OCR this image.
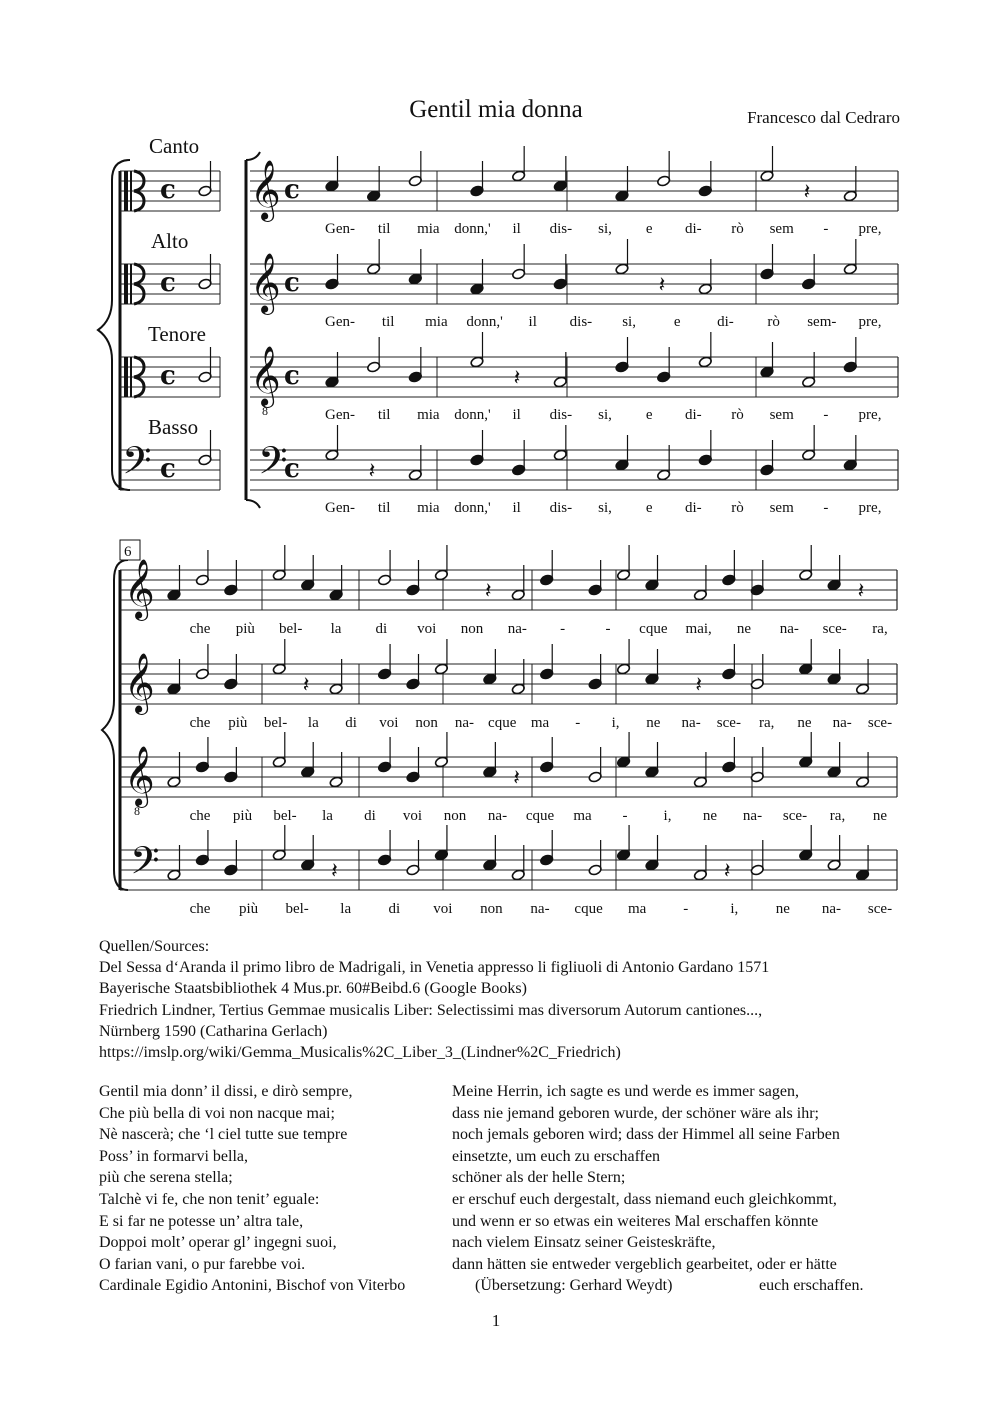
Gentil mia donna	Francesco dal Cedraro
Canto
Alto
Tenore
Basso
c 𝄞 c	𝄽
Gen- til mia donn,' il dis- si, e di- rò sem - pre,
c 𝄞 c	𝄽
Gen- til mia donn,' il dis- si,	e di- rò sem- pre,
c 𝄞 c
8
𝄽
Gen- til mia donn,' il dis- si, e di- rò sem - pre,
𝄢 c 𝄢
c	𝄽
Gen- til mia donn,' il dis- si, e di- rò sem - pre,
6
𝄞	𝄽	𝄽
che più bel- la di voi non na- -	- cque mai, ne na- sce- ra,
𝄞	𝄽	𝄽
che più bel- la di voi non na- cque ma - i, ne na- sce- ra, ne na- sce-
𝄞
8
𝄽
che più bel- la di voi non na- cque ma - i, ne na- sce- ra, ne
𝄢	𝄽	𝄽
che più bel- la di voi non na- cque ma -	i,	ne na- sce-
Quellen/Sources:
Del Sessa d‘Aranda il primo libro de Madrigali, in Venetia appresso li figliuoli di Antonio Gardano 1571
Bayerische Staatsbibliothek 4 Mus.pr. 60#Beibd.6 (Google Books)
Friedrich Lindner, Tertius Gemmae musicalis Liber: Selectissimi mas diversorum Autorum cantiones...,
Nürnberg 1590 (Catharina Gerlach)
https://imslp.org/wiki/Gemma_Musicalis%2C_Liber_3_(Lindner%2C_Friedrich)
Gentil mia donn’ il dissi, e dirò sempre,	Meine Herrin, ich sagte es und werde es immer sagen,
Che più bella di voi non nacque mai;	dass nie jemand geboren wurde, der schöner wäre als ihr;
Nè nascerà; che ‘l ciel tutte sue tempre	noch jemals geboren wird; dass der Himmel all seine Farben
Poss’ in formarvi bella,	einsetzte, um euch zu erschaffen
più che serena stella;	schöner als der helle Stern;
Talchè vi fe, che non tenit’ eguale:	er erschuf euch dergestalt, dass niemand euch gleichkommt,
E si far ne potesse un’ altra tale,	und wenn er so etwas ein weiteres Mal erschaffen könnte
Doppoi molt’ operar gl’ ingegni suoi,	nach vielem Einsatz seiner Geisteskräfte,
O farian vani, o pur farebbe voi.	dann hätten sie entweder vergeblich gearbeitet, oder er hätte
Cardinale Egidio Antonini, Bischof von Viterbo	(Übersetzung: Gerhard Weydt)	euch erschaffen.
1
